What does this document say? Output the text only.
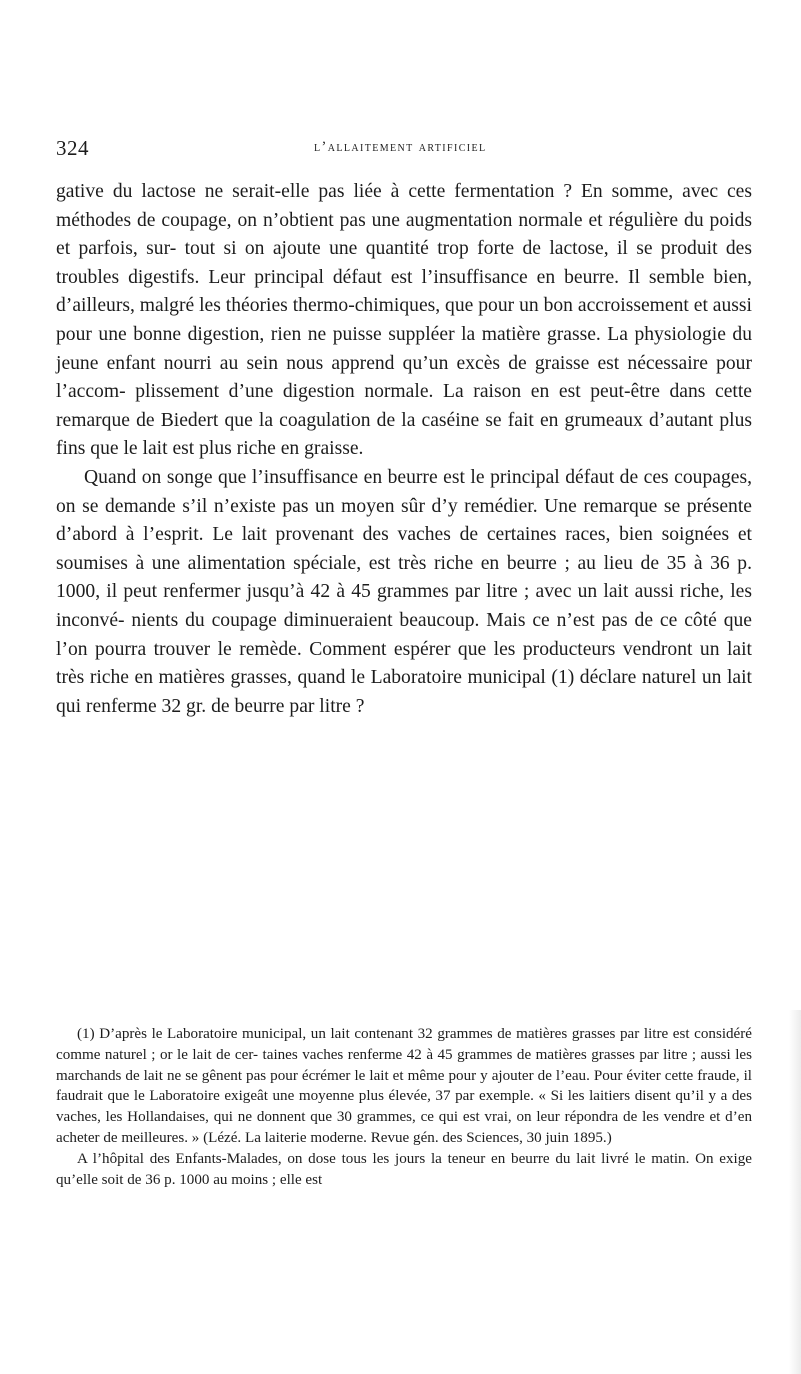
324	l’allaitement artificiel

gative du lactose ne serait-elle pas liée à cette fermentation ? En somme, avec ces méthodes de coupage, on n’obtient pas une augmentation normale et régulière du poids et parfois, sur- tout si on ajoute une quantité trop forte de lactose, il se produit des troubles digestifs. Leur principal défaut est l’insuffisance en beurre. Il semble bien, d’ailleurs, malgré les théories thermo-chimiques, que pour un bon accroissement et aussi pour une bonne digestion, rien ne puisse suppléer la matière grasse. La physiologie du jeune enfant nourri au sein nous apprend qu’un excès de graisse est nécessaire pour l’accom- plissement d’une digestion normale. La raison en est peut-être dans cette remarque de Biedert que la coagulation de la caséine se fait en grumeaux d’autant plus fins que le lait est plus riche en graisse.

Quand on songe que l’insuffisance en beurre est le principal défaut de ces coupages, on se demande s’il n’existe pas un moyen sûr d’y remédier. Une remarque se présente d’abord à l’esprit. Le lait provenant des vaches de certaines races, bien soignées et soumises à une alimentation spéciale, est très riche en beurre ; au lieu de 35 à 36 p. 1000, il peut renfermer jusqu’à 42 à 45 grammes par litre ; avec un lait aussi riche, les inconvé- nients du coupage diminueraient beaucoup. Mais ce n’est pas de ce côté que l’on pourra trouver le remède. Comment espérer que les producteurs vendront un lait très riche en matières grasses, quand le Laboratoire municipal (1) déclare naturel un lait qui renferme 32 gr. de beurre par litre ?

(1) D’après le Laboratoire municipal, un lait contenant 32 grammes de matières grasses par litre est considéré comme naturel ; or le lait de cer- taines vaches renferme 42 à 45 grammes de matières grasses par litre ; aussi les marchands de lait ne se gênent pas pour écrémer le lait et même pour y ajouter de l’eau. Pour éviter cette fraude, il faudrait que le Laboratoire exigeât une moyenne plus élevée, 37 par exemple. « Si les laitiers disent qu’il y a des vaches, les Hollandaises, qui ne donnent que 30 grammes, ce qui est vrai, on leur répondra de les vendre et d’en acheter de meilleures. » (Lézé. La laiterie moderne. Revue gén. des Sciences, 30 juin 1895.)

A l’hôpital des Enfants-Malades, on dose tous les jours la teneur en beurre du lait livré le matin. On exige qu’elle soit de 36 p. 1000 au moins ; elle est
